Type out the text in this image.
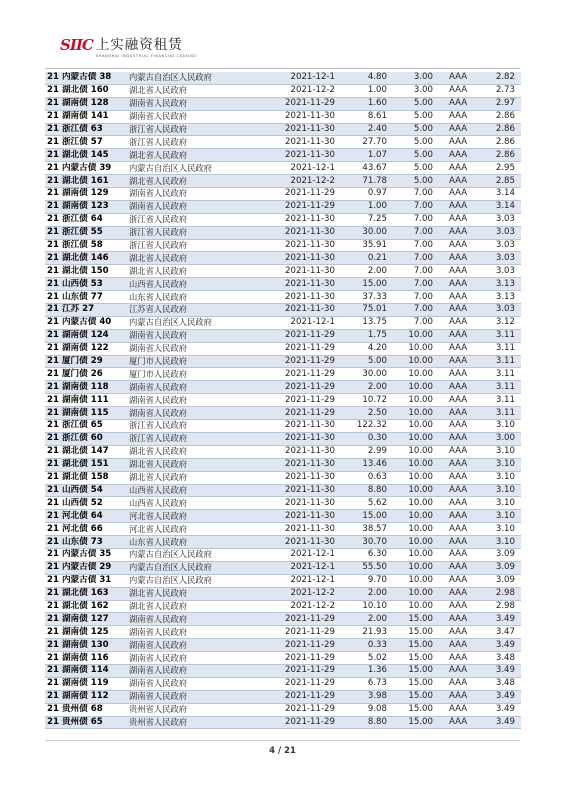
SIIC 上实融资租赁
SHANGHAI INDUSTRIAL FINANCIAL LEASING
21 内蒙古债 38	内蒙古自治区人民政府	2021-12-1	4.80	3.00	AAA	2.82
21 湖北债 160	湖北省人民政府	2021-12-2	1.00	3.00	AAA	2.73
21 湖南债 128	湖南省人民政府	2021-11-29	1.60	5.00	AAA	2.97
21 湖南债 141	湖南省人民政府	2021-11-30	8.61	5.00	AAA	2.86
21 浙江债 63	浙江省人民政府	2021-11-30	2.40	5.00	AAA	2.86
21 浙江债 57	浙江省人民政府	2021-11-30	27.70	5.00	AAA	2.86
21 湖北债 145	湖北省人民政府	2021-11-30	1.07	5.00	AAA	2.86
21 内蒙古债 39	内蒙古自治区人民政府	2021-12-1	43.67	5.00	AAA	2.95
21 湖北债 161	湖北省人民政府	2021-12-2	71.78	5.00	AAA	2.85
21 湖南债 129	湖南省人民政府	2021-11-29	0.97	7.00	AAA	3.14
21 湖南债 123	湖南省人民政府	2021-11-29	1.00	7.00	AAA	3.14
21 浙江债 64	浙江省人民政府	2021-11-30	7.25	7.00	AAA	3.03
21 浙江债 55	浙江省人民政府	2021-11-30	30.00	7.00	AAA	3.03
21 浙江债 58	浙江省人民政府	2021-11-30	35.91	7.00	AAA	3.03
21 湖北债 146	湖北省人民政府	2021-11-30	0.21	7.00	AAA	3.03
21 湖北债 150	湖北省人民政府	2021-11-30	2.00	7.00	AAA	3.03
21 山西债 53	山西省人民政府	2021-11-30	15.00	7.00	AAA	3.13
21 山东债 77	山东省人民政府	2021-11-30	37.33	7.00	AAA	3.13
21 江苏 27	江苏省人民政府	2021-11-30	75.01	7.00	AAA	3.03
21 内蒙古债 40	内蒙古自治区人民政府	2021-12-1	13.75	7.00	AAA	3.12
21 湖南债 124	湖南省人民政府	2021-11-29	1.75	10.00	AAA	3.11
21 湖南债 122	湖南省人民政府	2021-11-29	4.20	10.00	AAA	3.11
21 厦门债 29	厦门市人民政府	2021-11-29	5.00	10.00	AAA	3.11
21 厦门债 26	厦门市人民政府	2021-11-29	30.00	10.00	AAA	3.11
21 湖南债 118	湖南省人民政府	2021-11-29	2.00	10.00	AAA	3.11
21 湖南债 111	湖南省人民政府	2021-11-29	10.72	10.00	AAA	3.11
21 湖南债 115	湖南省人民政府	2021-11-29	2.50	10.00	AAA	3.11
21 浙江债 65	浙江省人民政府	2021-11-30	122.32	10.00	AAA	3.10
21 浙江债 60	浙江省人民政府	2021-11-30	0.30	10.00	AAA	3.00
21 湖北债 147	湖北省人民政府	2021-11-30	2.99	10.00	AAA	3.10
21 湖北债 151	湖北省人民政府	2021-11-30	13.46	10.00	AAA	3.10
21 湖北债 158	湖北省人民政府	2021-11-30	0.63	10.00	AAA	3.10
21 山西债 54	山西省人民政府	2021-11-30	8.80	10.00	AAA	3.10
21 山西债 52	山西省人民政府	2021-11-30	5.62	10.00	AAA	3.10
21 河北债 64	河北省人民政府	2021-11-30	15.00	10.00	AAA	3.10
21 河北债 66	河北省人民政府	2021-11-30	38.57	10.00	AAA	3.10
21 山东债 73	山东省人民政府	2021-11-30	30.70	10.00	AAA	3.10
21 内蒙古债 35	内蒙古自治区人民政府	2021-12-1	6.30	10.00	AAA	3.09
21 内蒙古债 29	内蒙古自治区人民政府	2021-12-1	55.50	10.00	AAA	3.09
21 内蒙古债 31	内蒙古自治区人民政府	2021-12-1	9.70	10.00	AAA	3.09
21 湖北债 163	湖北省人民政府	2021-12-2	2.00	10.00	AAA	2.98
21 湖北债 162	湖北省人民政府	2021-12-2	10.10	10.00	AAA	2.98
21 湖南债 127	湖南省人民政府	2021-11-29	2.00	15.00	AAA	3.49
21 湖南债 125	湖南省人民政府	2021-11-29	21.93	15.00	AAA	3.47
21 湖南债 130	湖南省人民政府	2021-11-29	0.33	15.00	AAA	3.49
21 湖南债 116	湖南省人民政府	2021-11-29	5.02	15.00	AAA	3.48
21 湖南债 114	湖南省人民政府	2021-11-29	1.36	15.00	AAA	3.49
21 湖南债 119	湖南省人民政府	2021-11-29	6.73	15.00	AAA	3.48
21 湖南债 112	湖南省人民政府	2021-11-29	3.98	15.00	AAA	3.49
21 贵州债 68	贵州省人民政府	2021-11-29	9.08	15.00	AAA	3.49
21 贵州债 65	贵州省人民政府	2021-11-29	8.80	15.00	AAA	3.49
4 / 21
